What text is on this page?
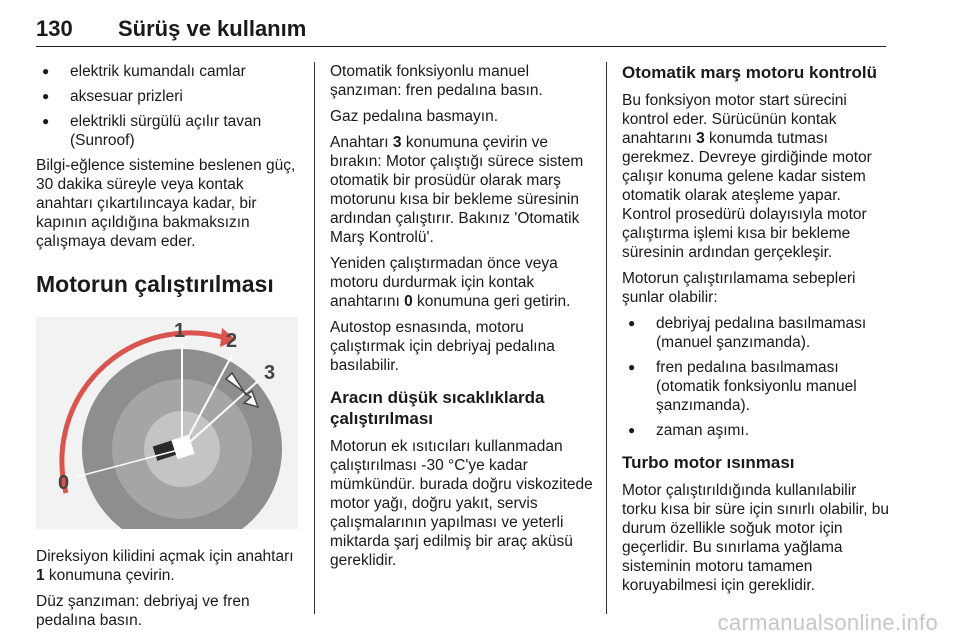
130 Sürüş ve kullanım
● elektrik kumandalı camlar
● aksesuar prizleri
● elektrikli sürgülü açılır tavan (Sunroof)

Bilgi-eğlence sistemine beslenen güç, 30 dakika süreyle veya kontak anahtarı çıkartılıncaya kadar, bir kapının açıldığına bakmaksızın çalışmaya devam eder.

Motorun çalıştırılması
1 2
3
0

Direksiyon kilidini açmak için anahtarı 1 konumuna çevirin.

Düz şanzıman: debriyaj ve fren pedalına basın.

Otomatik fonksiyonlu manuel şanzıman: fren pedalına basın.

Gaz pedalına basmayın.

Anahtarı 3 konumuna çevirin ve bırakın: Motor çalıştığı sürece sistem otomatik bir prosüdür olarak marş motorunu kısa bir bekleme süresinin ardından çalıştırır. Bakınız 'Otomatik Marş Kontrolü'.

Yeniden çalıştırmadan önce veya motoru durdurmak için kontak anahtarını 0 konumuna geri getirin.

Autostop esnasında, motoru çalıştırmak için debriyaj pedalına basılabilir.

Aracın düşük sıcaklıklarda çalıştırılması

Motorun ek ısıtıcıları kullanmadan çalıştırılması -30 °C'ye kadar mümkündür. burada doğru viskozitede motor yağı, doğru yakıt, servis çalışmalarının yapılması ve yeterli miktarda şarj edilmiş bir araç aküsü gereklidir.

Otomatik marş motoru kontrolü

Bu fonksiyon motor start sürecini kontrol eder. Sürücünün kontak anahtarını 3 konumda tutması gerekmez. Devreye girdiğinde motor çalışır konuma gelene kadar sistem otomatik olarak ateşleme yapar. Kontrol prosedürü dolayısıyla motor çalıştırma işlemi kısa bir bekleme süresinin ardından gerçekleşir.

Motorun çalıştırılamama sebepleri şunlar olabilir:

● debriyaj pedalına basılmaması (manuel şanzımanda).
● fren pedalına basılmaması (otomatik fonksiyonlu manuel şanzımanda).
● zaman aşımı.
Turbo motor ısınması

Motor çalıştırıldığında kullanılabilir torku kısa bir süre için sınırlı olabilir, bu durum özellikle soğuk motor için geçerlidir. Bu sınırlama yağlama sisteminin motoru tamamen koruyabilmesi için gereklidir.

carmanualsonline.info
